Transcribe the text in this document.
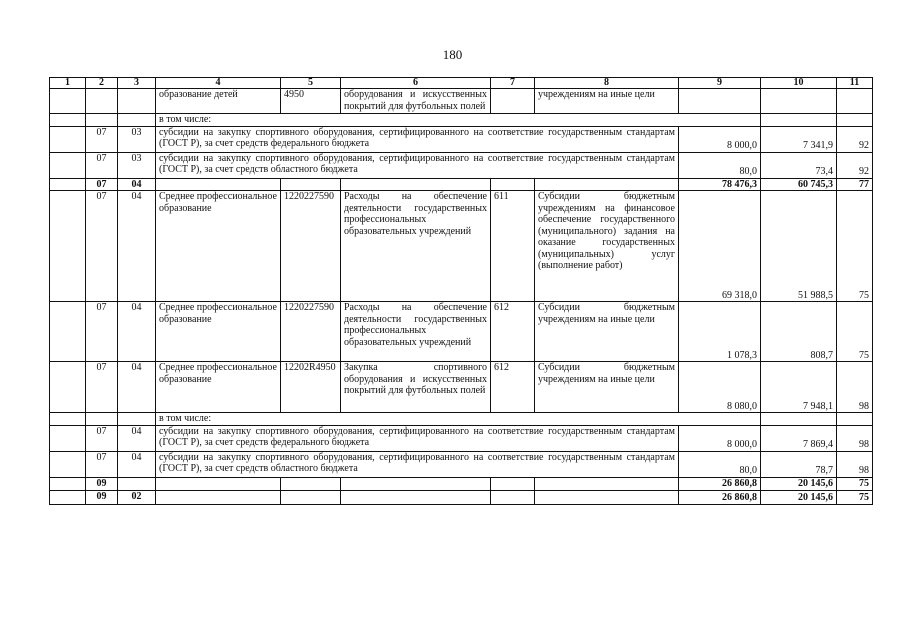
180
1	2	3	4	5	6	7	8	9	10	11
			образование детей	4950	оборудования и искусственных покрытий для футбольных полей		учреждениям на иные цели			
			в том числе:							
	07	03	субсидии на закупку спортивного оборудования, сертифицированного на соответствие государственным стандартам (ГОСТ Р), за счет средств федерального бюджета					8 000,0	7 341,9	92
	07	03	субсидии на закупку спортивного оборудования, сертифицированного на соответствие государственным стандартам (ГОСТ Р), за счет средств областного бюджета					80,0	73,4	92
	07	04						78 476,3	60 745,3	77
	07	04	Среднее профессиональное образование	1220227590	Расходы на обеспечение деятельности государственных профессиональных образовательных учреждений	611	Субсидии бюджетным учреждениям на финансовое обеспечение государственного (муниципального) задания на оказание государственных (муниципальных) услуг (выполнение работ)	69 318,0	51 988,5	75
	07	04	Среднее профессиональное образование	1220227590	Расходы на обеспечение деятельности государственных профессиональных образовательных учреждений	612	Субсидии бюджетным учреждениям на иные цели	1 078,3	808,7	75
	07	04	Среднее профессиональное образование	12202R4950	Закупка спортивного оборудования и искусственных покрытий для футбольных полей	612	Субсидии бюджетным учреждениям на иные цели	8 080,0	7 948,1	98
			в том числе:							
	07	04	субсидии на закупку спортивного оборудования, сертифицированного на соответствие государственным стандартам (ГОСТ Р), за счет средств федерального бюджета					8 000,0	7 869,4	98
	07	04	субсидии на закупку спортивного оборудования, сертифицированного на соответствие государственным стандартам (ГОСТ Р), за счет средств областного бюджета					80,0	78,7	98
	09							26 860,8	20 145,6	75
	09	02						26 860,8	20 145,6	75
